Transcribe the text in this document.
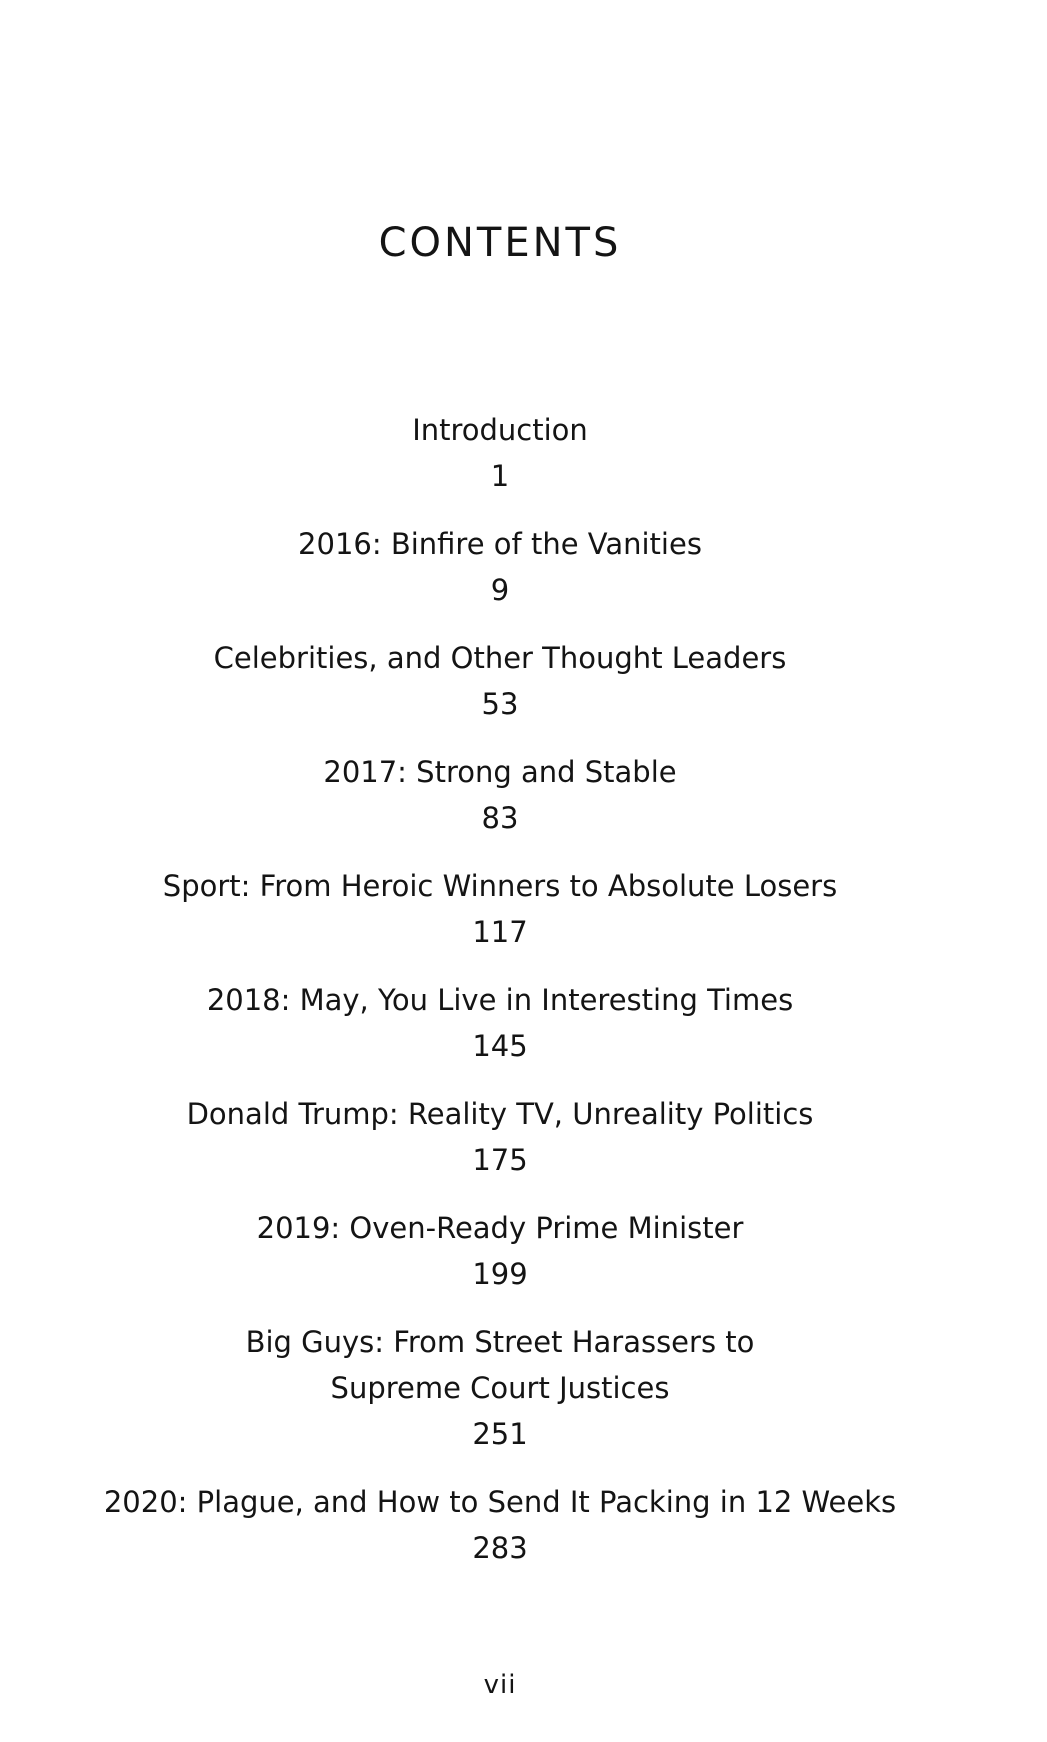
CONTENTS
Introduction
1
2016: Binfire of the Vanities
9
Celebrities, and Other Thought Leaders
53
2017: Strong and Stable
83
Sport: From Heroic Winners to Absolute Losers
117
2018: May, You Live in Interesting Times
145
Donald Trump: Reality TV, Unreality Politics
175
2019: Oven-Ready Prime Minister
199
Big Guys: From Street Harassers to
Supreme Court Justices
251
2020: Plague, and How to Send It Packing in 12 Weeks
283
vii
